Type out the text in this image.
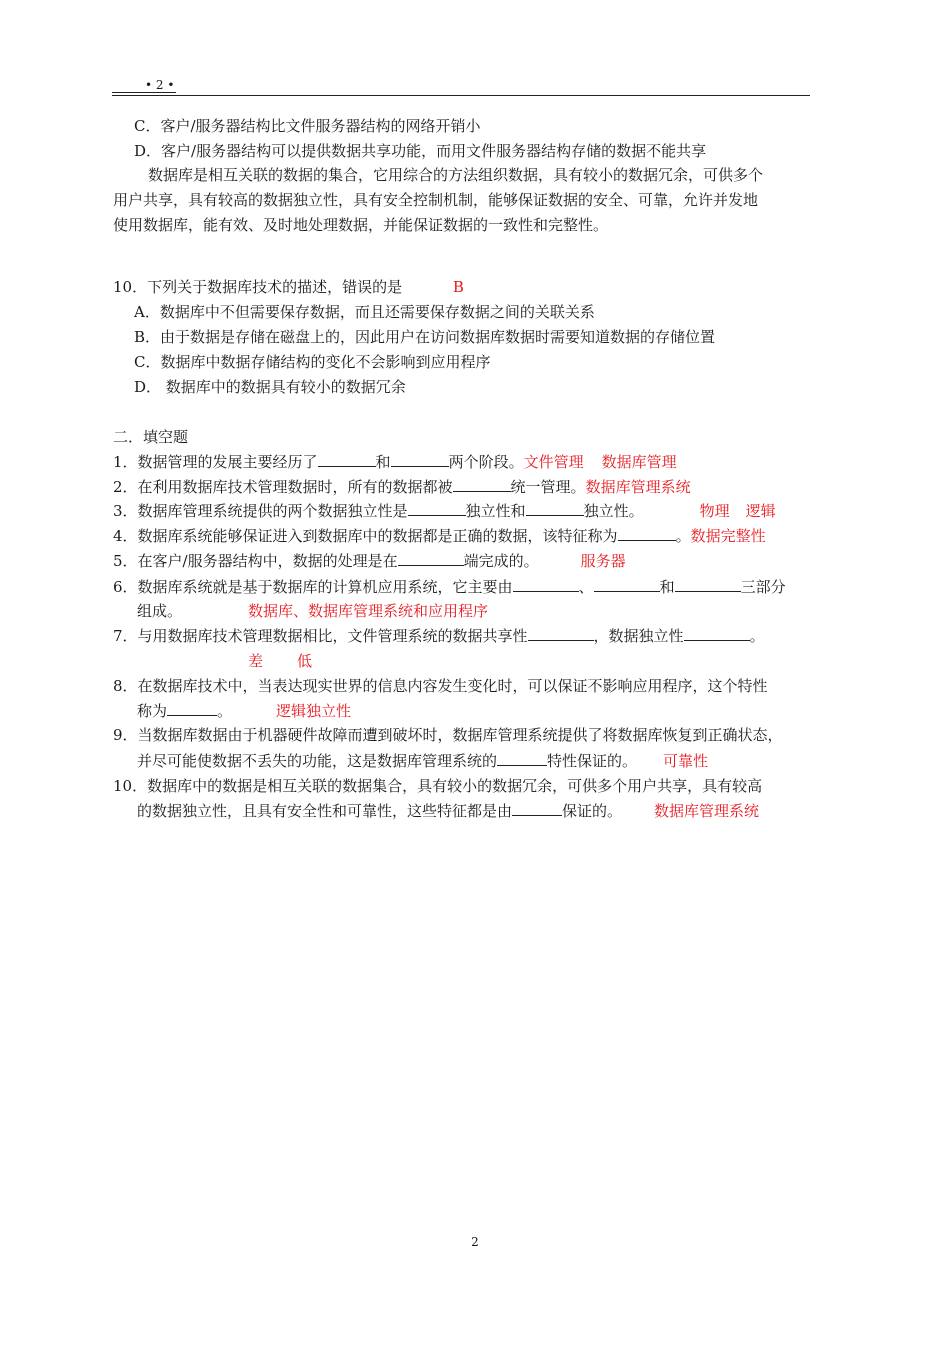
• 2 •
C．客户/服务器结构比文件服务器结构的网络开销小
D．客户/服务器结构可以提供数据共享功能，而用文件服务器结构存储的数据不能共享
数据库是相互关联的数据的集合，它用综合的方法组织数据，具有较小的数据冗余，可供多个
用户共享，具有较高的数据独立性，具有安全控制机制，能够保证数据的安全、可靠，允许并发地
使用数据库，能有效、及时地处理数据，并能保证数据的一致性和完整性。
10．下列关于数据库技术的描述，错误的是	B
A．数据库中不但需要保存数据，而且还需要保存数据之间的关联关系
B．由于数据是存储在磁盘上的，因此用户在访问数据库数据时需要知道数据的存储位置
C．数据库中数据存储结构的变化不会影响到应用程序
D． 数据库中的数据具有较小的数据冗余
二．填空题
1．数据管理的发展主要经历了	和	两个阶段。文件管理 数据库管理
2．在利用数据库技术管理数据时，所有的数据都被	统一管理。数据库管理系统
3．数据库管理系统提供的两个数据独立性是	独立性和	独立性。	物理 逻辑
4．数据库系统能够保证进入到数据库中的数据都是正确的数据，该特征称为	。数据完整性
5．在客户/服务器结构中，数据的处理是在	端完成的。	服务器
6．数据库系统就是基于数据库的计算机应用系统，它主要由	、	和	三部分
组成。	数据库、数据库管理系统和应用程序
7．与用数据库技术管理数据相比，文件管理系统的数据共享性	，数据独立性	。
差 低
8．在数据库技术中，当表达现实世界的信息内容发生变化时，可以保证不影响应用程序，这个特性
称为	。	逻辑独立性
9．当数据库数据由于机器硬件故障而遭到破坏时，数据库管理系统提供了将数据库恢复到正确状态，
并尽可能使数据不丢失的功能，这是数据库管理系统的	特性保证的。 可靠性
10．数据库中的数据是相互关联的数据集合，具有较小的数据冗余，可供多个用户共享，具有较高
的数据独立性，且具有安全性和可靠性，这些特征都是由	保证的。 数据库管理系统
2
